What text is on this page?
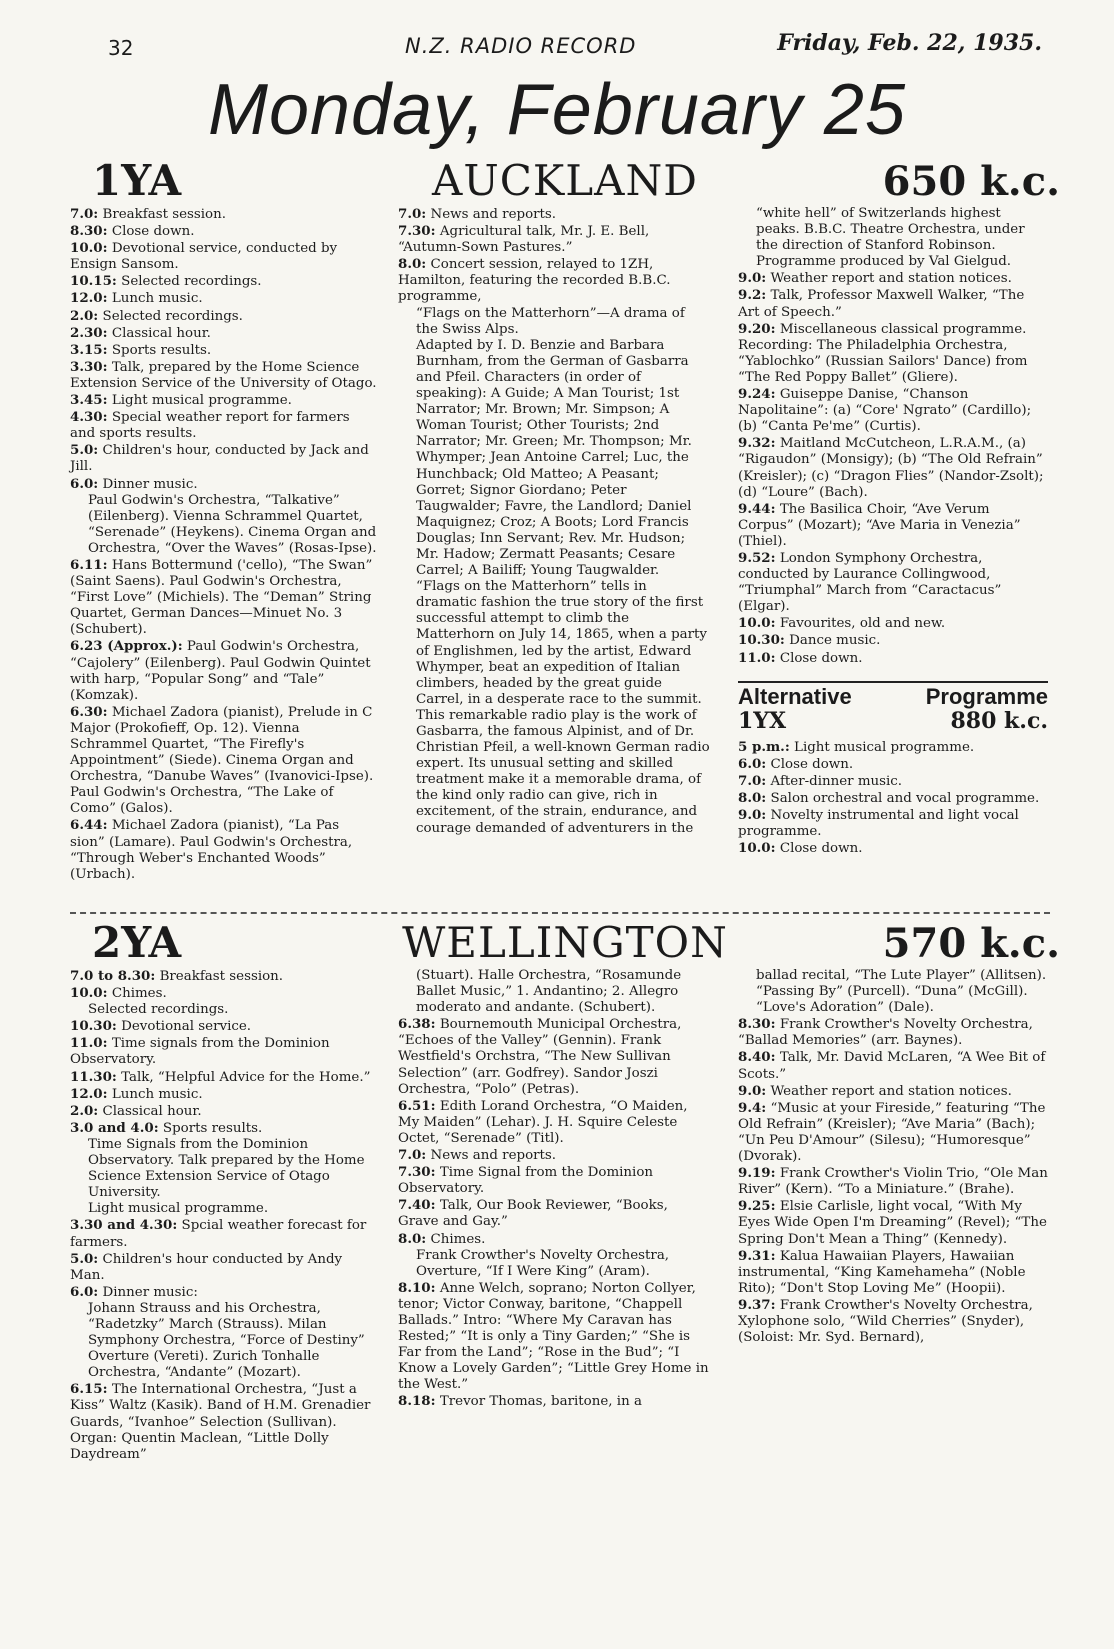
32	N.Z. RADIO RECORD	Friday, Feb. 22, 1935.
Monday, February 25
1YA	AUCKLAND	650 k.c.

7.0: Breakfast session.

8.30: Close down.

10.0: Devotional service, conducted by Ensign Sansom.

10.15: Selected recordings.

12.0: Lunch music.

2.0: Selected recordings.

2.30: Classical hour.

3.15: Sports results.

3.30: Talk, prepared by the Home Science Extension Service of the University of Otago.

3.45: Light musical programme.

4.30: Special weather report for farmers and sports results.

5.0: Children's hour, conducted by Jack and Jill.

6.0: Dinner music.

Paul Godwin's Orchestra, “Talkative” (Eilenberg). Vienna Schrammel Quartet, “Serenade” (Heykens). Cinema Organ and Orchestra, “Over the Waves” (Rosas-Ipse).

6.11: Hans Bottermund ('cello), “The Swan” (Saint Saens). Paul Godwin's Orchestra, “First Love” (Michiels). The “Deman” String Quartet, German Dances—Minuet No. 3 (Schubert).

6.23 (Approx.): Paul Godwin's Orchestra, “Cajolery” (Eilenberg). Paul Godwin Quintet with harp, “Popular Song” and “Tale” (Komzak).

6.30: Michael Zadora (pianist), Prelude in C Major (Prokofieff, Op. 12). Vienna Schrammel Quartet, “The Firefly's Appointment” (Siede). Cinema Organ and Orchestra, “Danube Waves” (Ivanovici-Ipse). Paul Godwin's Orchestra, “The Lake of Como” (Galos).

6.44: Michael Zadora (pianist), “La Pas sion” (Lamare). Paul Godwin's Orchestra, “Through Weber's Enchanted Woods” (Urbach).

7.0: News and reports.

7.30: Agricultural talk, Mr. J. E. Bell, “Autumn-Sown Pastures.”

8.0: Concert session, relayed to 1ZH, Hamilton, featuring the recorded B.B.C. programme,

“Flags on the Matterhorn”—A drama of the Swiss Alps.

Adapted by I. D. Benzie and Barbara Burnham, from the German of Gasbarra and Pfeil. Characters (in order of speaking): A Guide; A Man Tourist; 1st Narrator; Mr. Brown; Mr. Simpson; A Woman Tourist; Other Tourists; 2nd Narrator; Mr. Green; Mr. Thompson; Mr. Whymper; Jean Antoine Carrel; Luc, the Hunchback; Old Matteo; A Peasant; Gorret; Signor Giordano; Peter Taugwalder; Favre, the Landlord; Daniel Maquignez; Croz; A Boots; Lord Francis Douglas; Inn Servant; Rev. Mr. Hudson; Mr. Hadow; Zermatt Peasants; Cesare Carrel; A Bailiff; Young Taugwalder.

“Flags on the Matterhorn” tells in dramatic fashion the true story of the first successful attempt to climb the Matterhorn on July 14, 1865, when a party of Englishmen, led by the artist, Edward Whymper, beat an expedition of Italian climbers, headed by the great guide Carrel, in a desperate race to the summit.

This remarkable radio play is the work of Gasbarra, the famous Alpinist, and of Dr. Christian Pfeil, a well-known German radio expert. Its unusual setting and skilled treatment make it a memorable drama, of the kind only radio can give, rich in excitement, of the strain, endurance, and courage demanded of adventurers in the

“white hell” of Switzerlands highest peaks. B.B.C. Theatre Orchestra, under the direction of Stanford Robinson. Programme produced by Val Gielgud.

9.0: Weather report and station notices.

9.2: Talk, Professor Maxwell Walker, “The Art of Speech.”

9.20: Miscellaneous classical programme. Recording: The Philadelphia Orchestra, “Yablochko” (Russian Sailors' Dance) from “The Red Poppy Ballet” (Gliere).

9.24: Guiseppe Danise, “Chanson Napolitaine”: (a) “Core' Ngrato” (Cardillo); (b) “Canta Pe'me” (Curtis).

9.32: Maitland McCutcheon, L.R.A.M., (a) “Rigaudon” (Monsigy); (b) “The Old Refrain” (Kreisler); (c) “Dragon Flies” (Nandor-Zsolt); (d) “Loure” (Bach).

9.44: The Basilica Choir, “Ave Verum Corpus” (Mozart); “Ave Maria in Venezia” (Thiel).

9.52: London Symphony Orchestra, conducted by Laurance Collingwood, “Triumphal” March from “Caractacus” (Elgar).

10.0: Favourites, old and new.

10.30: Dance music.

11.0: Close down.

Alternative	Programme
1YX	880 k.c.

5 p.m.: Light musical programme.

6.0: Close down.

7.0: After-dinner music.

8.0: Salon orchestral and vocal programme.

9.0: Novelty instrumental and light vocal programme.

10.0: Close down.

2YA	WELLINGTON	570 k.c.

7.0 to 8.30: Breakfast session.

10.0: Chimes.

Selected recordings.

10.30: Devotional service.

11.0: Time signals from the Dominion Observatory.

11.30: Talk, “Helpful Advice for the Home.”

12.0: Lunch music.

2.0: Classical hour.

3.0 and 4.0: Sports results.

Time Signals from the Dominion Observatory. Talk prepared by the Home Science Extension Service of Otago University.

Light musical programme.

3.30 and 4.30: Spcial weather forecast for farmers.

5.0: Children's hour conducted by Andy Man.

6.0: Dinner music:

Johann Strauss and his Orchestra, “Radetzky” March (Strauss). Milan Symphony Orchestra, “Force of Destiny” Overture (Vereti). Zurich Tonhalle Orchestra, “Andante” (Mozart).

6.15: The International Orchestra, “Just a Kiss” Waltz (Kasik). Band of H.M. Grenadier Guards, “Ivanhoe” Selection (Sullivan). Organ: Quentin Maclean, “Little Dolly Daydream”

(Stuart). Halle Orchestra, “Rosamunde Ballet Music,” 1. Andantino; 2. Allegro moderato and andante. (Schubert).

6.38: Bournemouth Municipal Orchestra, “Echoes of the Valley” (Gennin). Frank Westfield's Orchstra, “The New Sullivan Selection” (arr. Godfrey). Sandor Joszi Orchestra, “Polo” (Petras).

6.51: Edith Lorand Orchestra, “O Maiden, My Maiden” (Lehar). J. H. Squire Celeste Octet, “Serenade” (Titl).

7.0: News and reports.

7.30: Time Signal from the Dominion Observatory.

7.40: Talk, Our Book Reviewer, “Books, Grave and Gay.”

8.0: Chimes.

Frank Crowther's Novelty Orchestra, Overture, “If I Were King” (Aram).

8.10: Anne Welch, soprano; Norton Collyer, tenor; Victor Conway, baritone, “Chappell Ballads.” Intro: “Where My Caravan has Rested;” “It is only a Tiny Garden;” “She is Far from the Land”; “Rose in the Bud”; “I Know a Lovely Garden”; “Little Grey Home in the West.”

8.18: Trevor Thomas, baritone, in a

ballad recital, “The Lute Player” (Allitsen). “Passing By” (Purcell). “Duna” (McGill). “Love's Adoration” (Dale).

8.30: Frank Crowther's Novelty Orchestra, “Ballad Memories” (arr. Baynes).

8.40: Talk, Mr. David McLaren, “A Wee Bit of Scots.”

9.0: Weather report and station notices.

9.4: “Music at your Fireside,” featuring “The Old Refrain” (Kreisler); “Ave Maria” (Bach); “Un Peu D'Amour” (Silesu); “Humoresque” (Dvorak).

9.19: Frank Crowther's Violin Trio, “Ole Man River” (Kern). “To a Miniature.” (Brahe).

9.25: Elsie Carlisle, light vocal, “With My Eyes Wide Open I'm Dreaming” (Revel); “The Spring Don't Mean a Thing” (Kennedy).

9.31: Kalua Hawaiian Players, Hawaiian instrumental, “King Kamehameha” (Noble Rito); “Don't Stop Loving Me” (Hoopii).

9.37: Frank Crowther's Novelty Orchestra, Xylophone solo, “Wild Cherries” (Snyder), (Soloist: Mr. Syd. Bernard),
